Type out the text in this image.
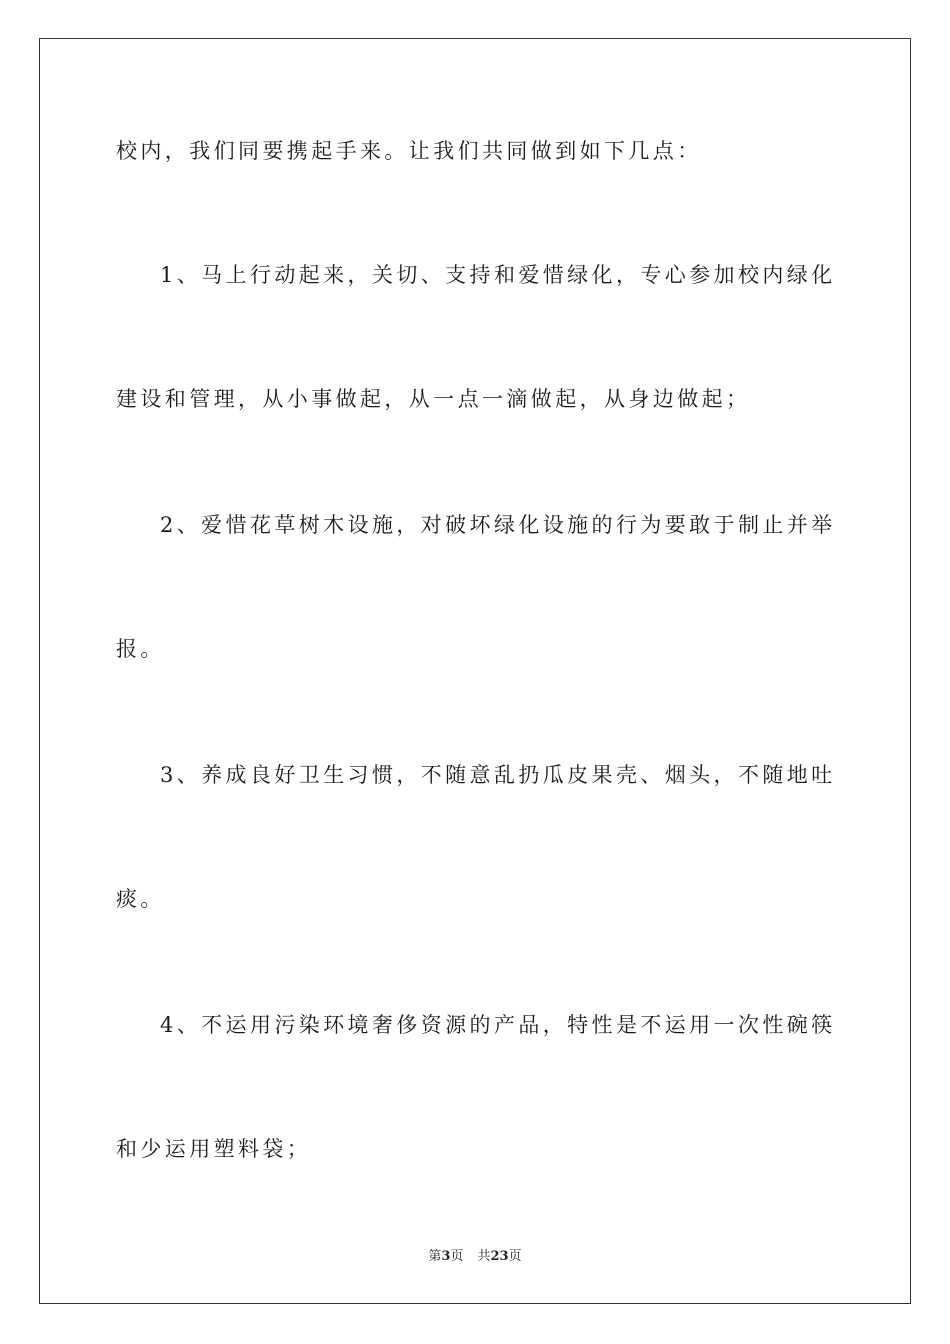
校内，我们同要携起手来。让我们共同做到如下几点：
1、马上行动起来，关切、支持和爱惜绿化，专心参加校内绿化
建设和管理，从小事做起，从一点一滴做起，从身边做起；
2、爱惜花草树木设施，对破坏绿化设施的行为要敢于制止并举
报。
3、养成良好卫生习惯，不随意乱扔瓜皮果壳、烟头，不随地吐
痰。
4、不运用污染环境奢侈资源的产品，特性是不运用一次性碗筷
和少运用塑料袋；
第3页 共23页
